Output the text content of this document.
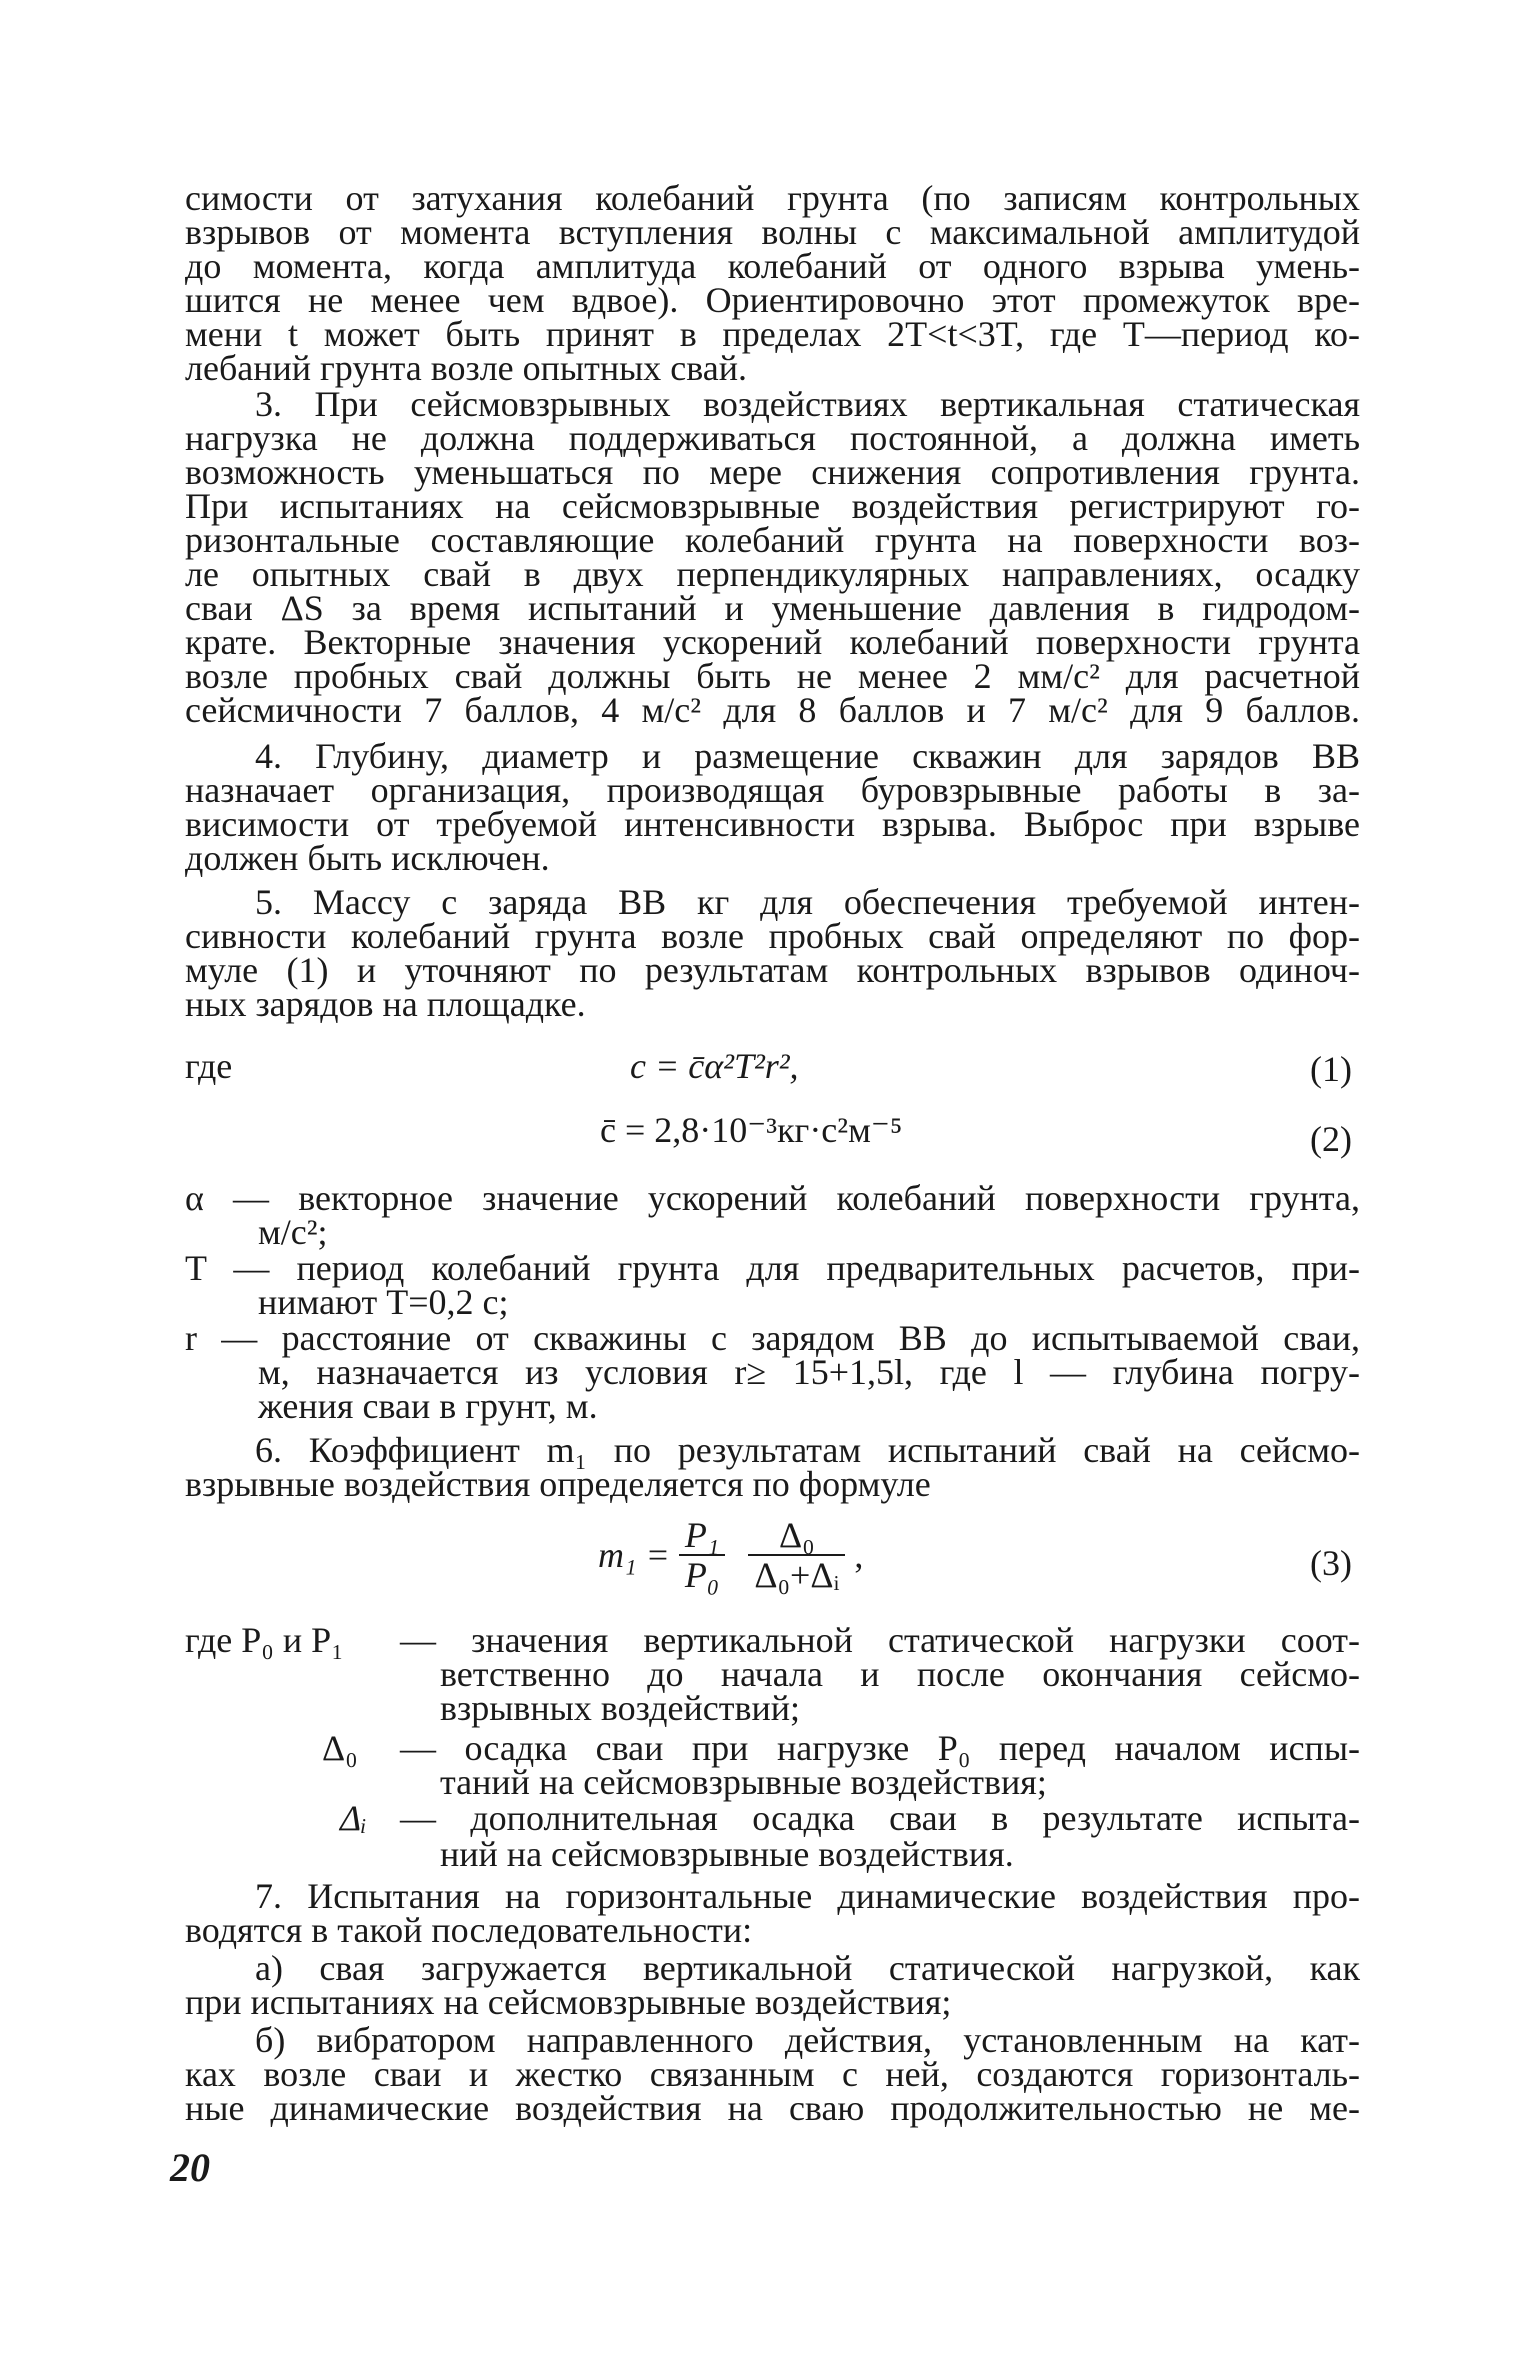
симости от затухания колебаний грунта (по записям контрольных
взрывов от момента вступления волны с максимальной амплитудой
до момента, когда амплитуда колебаний от одного взрыва умень-
шится не менее чем вдвое). Ориентировочно этот промежуток вре-
мени t может быть принят в пределах 2T<t<3T, где T—период ко-
лебаний грунта возле опытных свай.
3. При сейсмовзрывных воздействиях вертикальная статическая
нагрузка не должна поддерживаться постоянной, а должна иметь
возможность уменьшаться по мере снижения сопротивления грунта.
При испытаниях на сейсмовзрывные воздействия регистрируют го-
ризонтальные составляющие колебаний грунта на поверхности воз-
ле опытных свай в двух перпендикулярных направлениях, осадку
сваи ΔS за время испытаний и уменьшение давления в гидродом-
крате. Векторные значения ускорений колебаний поверхности грунта
возле пробных свай должны быть не менее 2 мм/с² для расчетной
сейсмичности 7 баллов, 4 м/с² для 8 баллов и 7 м/с² для 9 баллов.
4. Глубину, диаметр и размещение скважин для зарядов ВВ
назначает организация, производящая буровзрывные работы в за-
висимости от требуемой интенсивности взрыва. Выброс при взрыве
должен быть исключен.
5. Массу c заряда ВВ кг для обеспечения требуемой интен-
сивности колебаний грунта возле пробных свай определяют по фор-
муле (1) и уточняют по результатам контрольных взрывов одиноч-
ных зарядов на площадке.
где	c = c̄α²T²r²,	(1)
c̄ = 2,8·10⁻³кг·с²м⁻⁵	(2)
α — векторное значение ускорений колебаний поверхности грунта,
м/с²;
T — период колебаний грунта для предварительных расчетов, при-
нимают T=0,2 с;
r — расстояние от скважины с зарядом ВВ до испытываемой сваи,
м, назначается из условия r≥ 15+1,5l, где l — глубина погру-
жения сваи в грунт, м.
6. Коэффициент m₁ по результатам испытаний свай на сейсмо-
взрывные воздействия определяется по формуле
$m_1 = \frac{\text{P₁}}{\text{P₀}}$
$\frac{\text{Δ₀}}{\text{Δ₀+Δᵢ}}$ ,	(3)
где P₀ и P₁ — значения вертикальной статической нагрузки соот-
ветственно до начала и после окончания сейсмо-
взрывных воздействий;
Δ₀ — осадка сваи при нагрузке P₀ перед началом испы-
таний на сейсмовзрывные воздействия;
Δᵢ — дополнительная осадка сваи в результате испыта-
ний на сейсмовзрывные воздействия.
7. Испытания на горизонтальные динамические воздействия про-
водятся в такой последовательности:
а) свая загружается вертикальной статической нагрузкой, как
при испытаниях на сейсмовзрывные воздействия;
б) вибратором направленного действия, установленным на кат-
ках возле сваи и жестко связанным с ней, создаются горизонталь-
ные динамические воздействия на сваю продолжительностью не ме-
20
